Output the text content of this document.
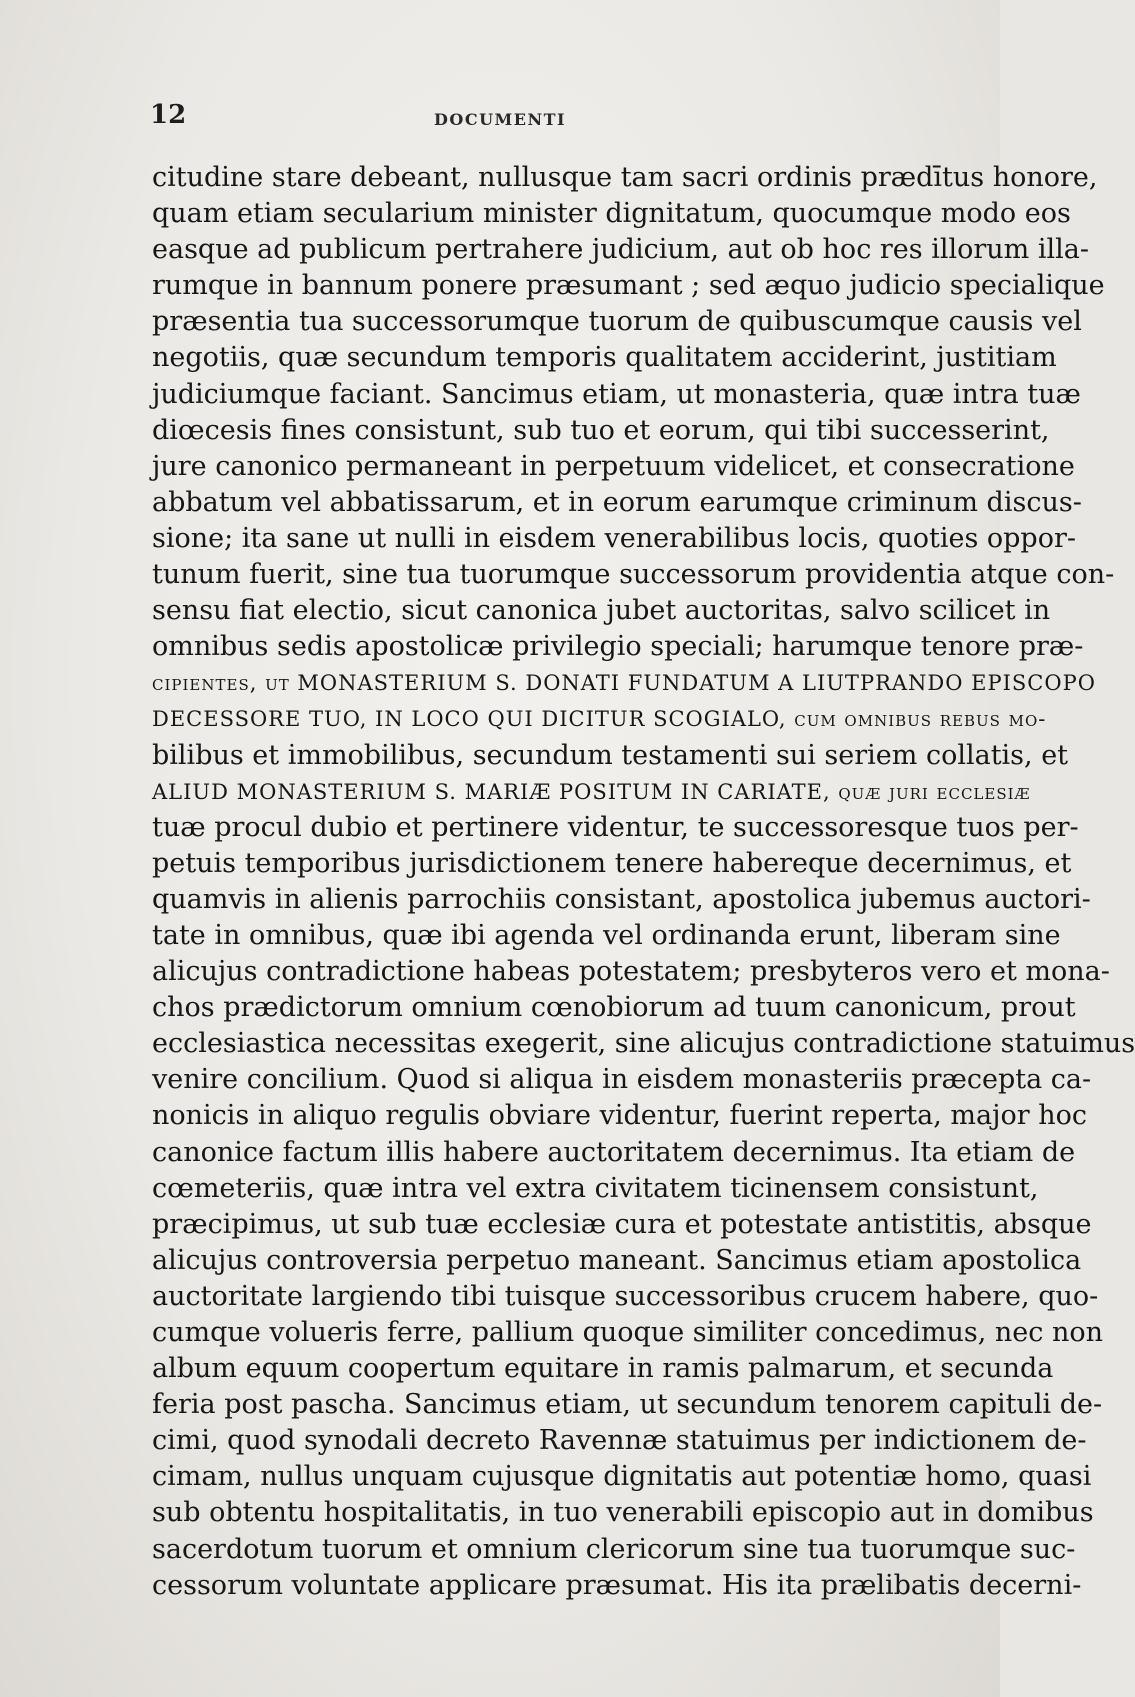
12	DOCUMENTI
citudine stare debeant, nullusque tam sacri ordinis prædītus honore,
quam etiam secularium minister dignitatum, quocumque modo eos
easque ad publicum pertrahere judicium, aut ob hoc res illorum illa-
rumque in bannum ponere præsumant ; sed æquo judicio specialique
præsentia tua successorumque tuorum de quibuscumque causis vel
negotiis, quæ secundum temporis qualitatem acciderint, justitiam
judiciumque faciant. Sancimus etiam, ut monasteria, quæ intra tuæ
diœcesis fines consistunt, sub tuo et eorum, qui tibi successerint,
jure canonico permaneant in perpetuum videlicet, et consecratione
abbatum vel abbatissarum, et in eorum earumque criminum discus-
sione; ita sane ut nulli in eisdem venerabilibus locis, quoties oppor-
tunum fuerit, sine tua tuorumque successorum providentia atque con-
sensu fiat electio, sicut canonica jubet auctoritas, salvo scilicet in
omnibus sedis apostolicæ privilegio speciali; harumque tenore præ-
cipientes, ut MONASTERIUM S. DONATI FUNDATUM A LIUTPRANDO EPISCOPO
DECESSORE TUO, IN LOCO QUI DICITUR SCOGIALO, cum omnibus rebus mo-
bilibus et immobilibus, secundum testamenti sui seriem collatis, et
ALIUD MONASTERIUM S. MARIÆ POSITUM IN CARIATE, quæ juri ecclesiæ
tuæ procul dubio et pertinere videntur, te successoresque tuos per-
petuis temporibus jurisdictionem tenere habereque decernimus, et
quamvis in alienis parrochiis consistant, apostolica jubemus auctori-
tate in omnibus, quæ ibi agenda vel ordinanda erunt, liberam sine
alicujus contradictione habeas potestatem; presbyteros vero et mona-
chos prædictorum omnium cœnobiorum ad tuum canonicum, prout
ecclesiastica necessitas exegerit, sine alicujus contradictione statuimus
venire concilium. Quod si aliqua in eisdem monasteriis præcepta ca-
nonicis in aliquo regulis obviare videntur, fuerint reperta, major hoc
canonice factum illis habere auctoritatem decernimus. Ita etiam de
cœmeteriis, quæ intra vel extra civitatem ticinensem consistunt,
præcipimus, ut sub tuæ ecclesiæ cura et potestate antistitis, absque
alicujus controversia perpetuo maneant. Sancimus etiam apostolica
auctoritate largiendo tibi tuisque successoribus crucem habere, quo-
cumque volueris ferre, pallium quoque similiter concedimus, nec non
album equum coopertum equitare in ramis palmarum, et secunda
feria post pascha. Sancimus etiam, ut secundum tenorem capituli de-
cimi, quod synodali decreto Ravennæ statuimus per indictionem de-
cimam, nullus unquam cujusque dignitatis aut potentiæ homo, quasi
sub obtentu hospitalitatis, in tuo venerabili episcopio aut in domibus
sacerdotum tuorum et omnium clericorum sine tua tuorumque suc-
cessorum voluntate applicare præsumat. His ita prælibatis decerni-
